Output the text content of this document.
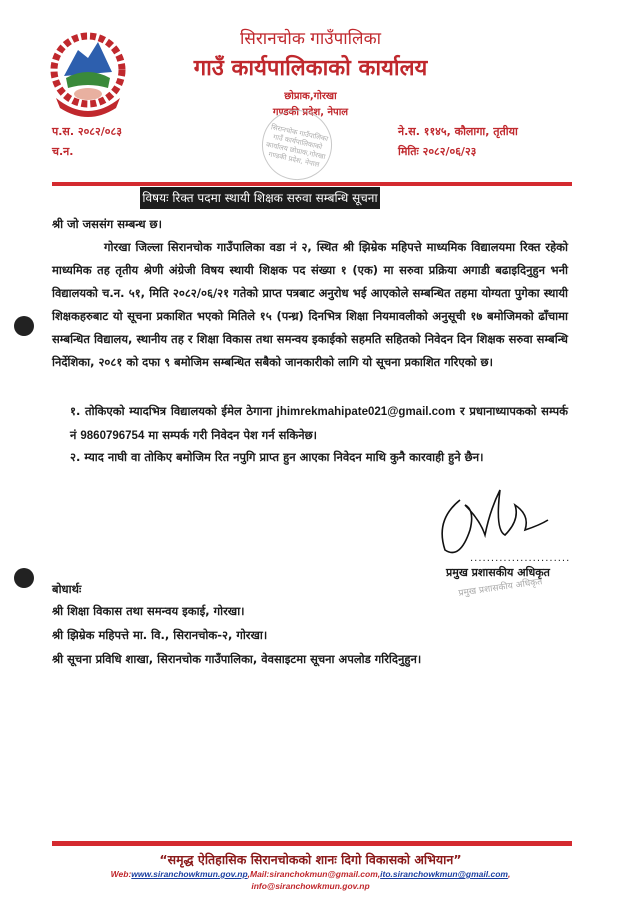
सिरानचोक गाउँपालिका
गाउँ कार्यपालिकाको कार्यालय
छोप्राक,गोरखा
गण्डकी प्रदेश, नेपाल
सिरानचोक गाउँपालिका गाउँ कार्यपालिकाको कार्यालय छोप्राक,गोरखा गण्डकी प्रदेश, नेपाल
प.स. २०८२/०८३
च.न.
ने.स. ११४५, कौलागा, तृतीया
मितिः २०८२/०६/२३
विषयः रिक्त पदमा स्थायी शिक्षक सरुवा सम्बन्धि सूचना !!!
श्री जो जससंग सम्बन्ध छ।
गोरखा जिल्ला सिरानचोक गाउँपालिका वडा नं २, स्थित श्री झिम्रेक महिपत्ते माध्यमिक विद्यालयमा रिक्त रहेको माध्यमिक तह तृतीय श्रेणी अंग्रेजी विषय स्थायी शिक्षक पद संख्या १ (एक) मा सरुवा प्रक्रिया अगाडी बढाइदिनुहुन भनी विद्यालयको च.न. ५१, मिति २०८२/०६/२१ गतेको प्राप्त पत्रबाट अनुरोध भई आएकोले सम्बन्धित तहमा योग्यता पुगेका स्थायी शिक्षकहरुबाट यो सूचना प्रकाशित भएको मितिले १५ (पन्ध्र) दिनभित्र शिक्षा नियमावलीको अनुसूची १७ बमोजिमको ढाँचामा सम्बन्धित विद्यालय, स्थानीय तह र शिक्षा विकास तथा समन्वय इकाईको सहमति सहितको निवेदन दिन शिक्षक सरुवा सम्बन्धि निर्देशिका, २०८१ को दफा ९ बमोजिम सम्बन्धित सबैको जानकारीको लागि यो सूचना प्रकाशित गरिएको छ।
१. तोकिएको म्यादभित्र विद्यालयको ईमेल ठेगाना jhimrekmahipate021@gmail.com र प्रधानाध्यापकको सम्पर्क नं 9860796754 मा सम्पर्क गरी निवेदन पेश गर्न सकिनेछ।
२. म्याद नाघी वा तोकिए बमोजिम रित नपुगि प्राप्त हुन आएका निवेदन माथि कुनै कारवाही हुने छैन।
........................
प्रमुख प्रशासकीय अधिकृत
प्रमुख प्रशासकीय अधिकृत
बोधार्थः
श्री शिक्षा विकास तथा समन्वय इकाई, गोरखा।
श्री झिम्रेक महिपत्ते मा. वि., सिरानचोक-२, गोरखा।
श्री सूचना प्रविधि शाखा, सिरानचोक गाउँपालिका, वेवसाइटमा सूचना अपलोड गरिदिनुहुन।
“समृद्ध ऐतिहासिक सिरानचोकको शानः दिगो विकासको अभियान”
Web:www.siranchowkmun.gov.np,Mail:siranchokmun@gmail.com,ito.siranchowkmun@gmail.com,
info@siranchowkmun.gov.np
